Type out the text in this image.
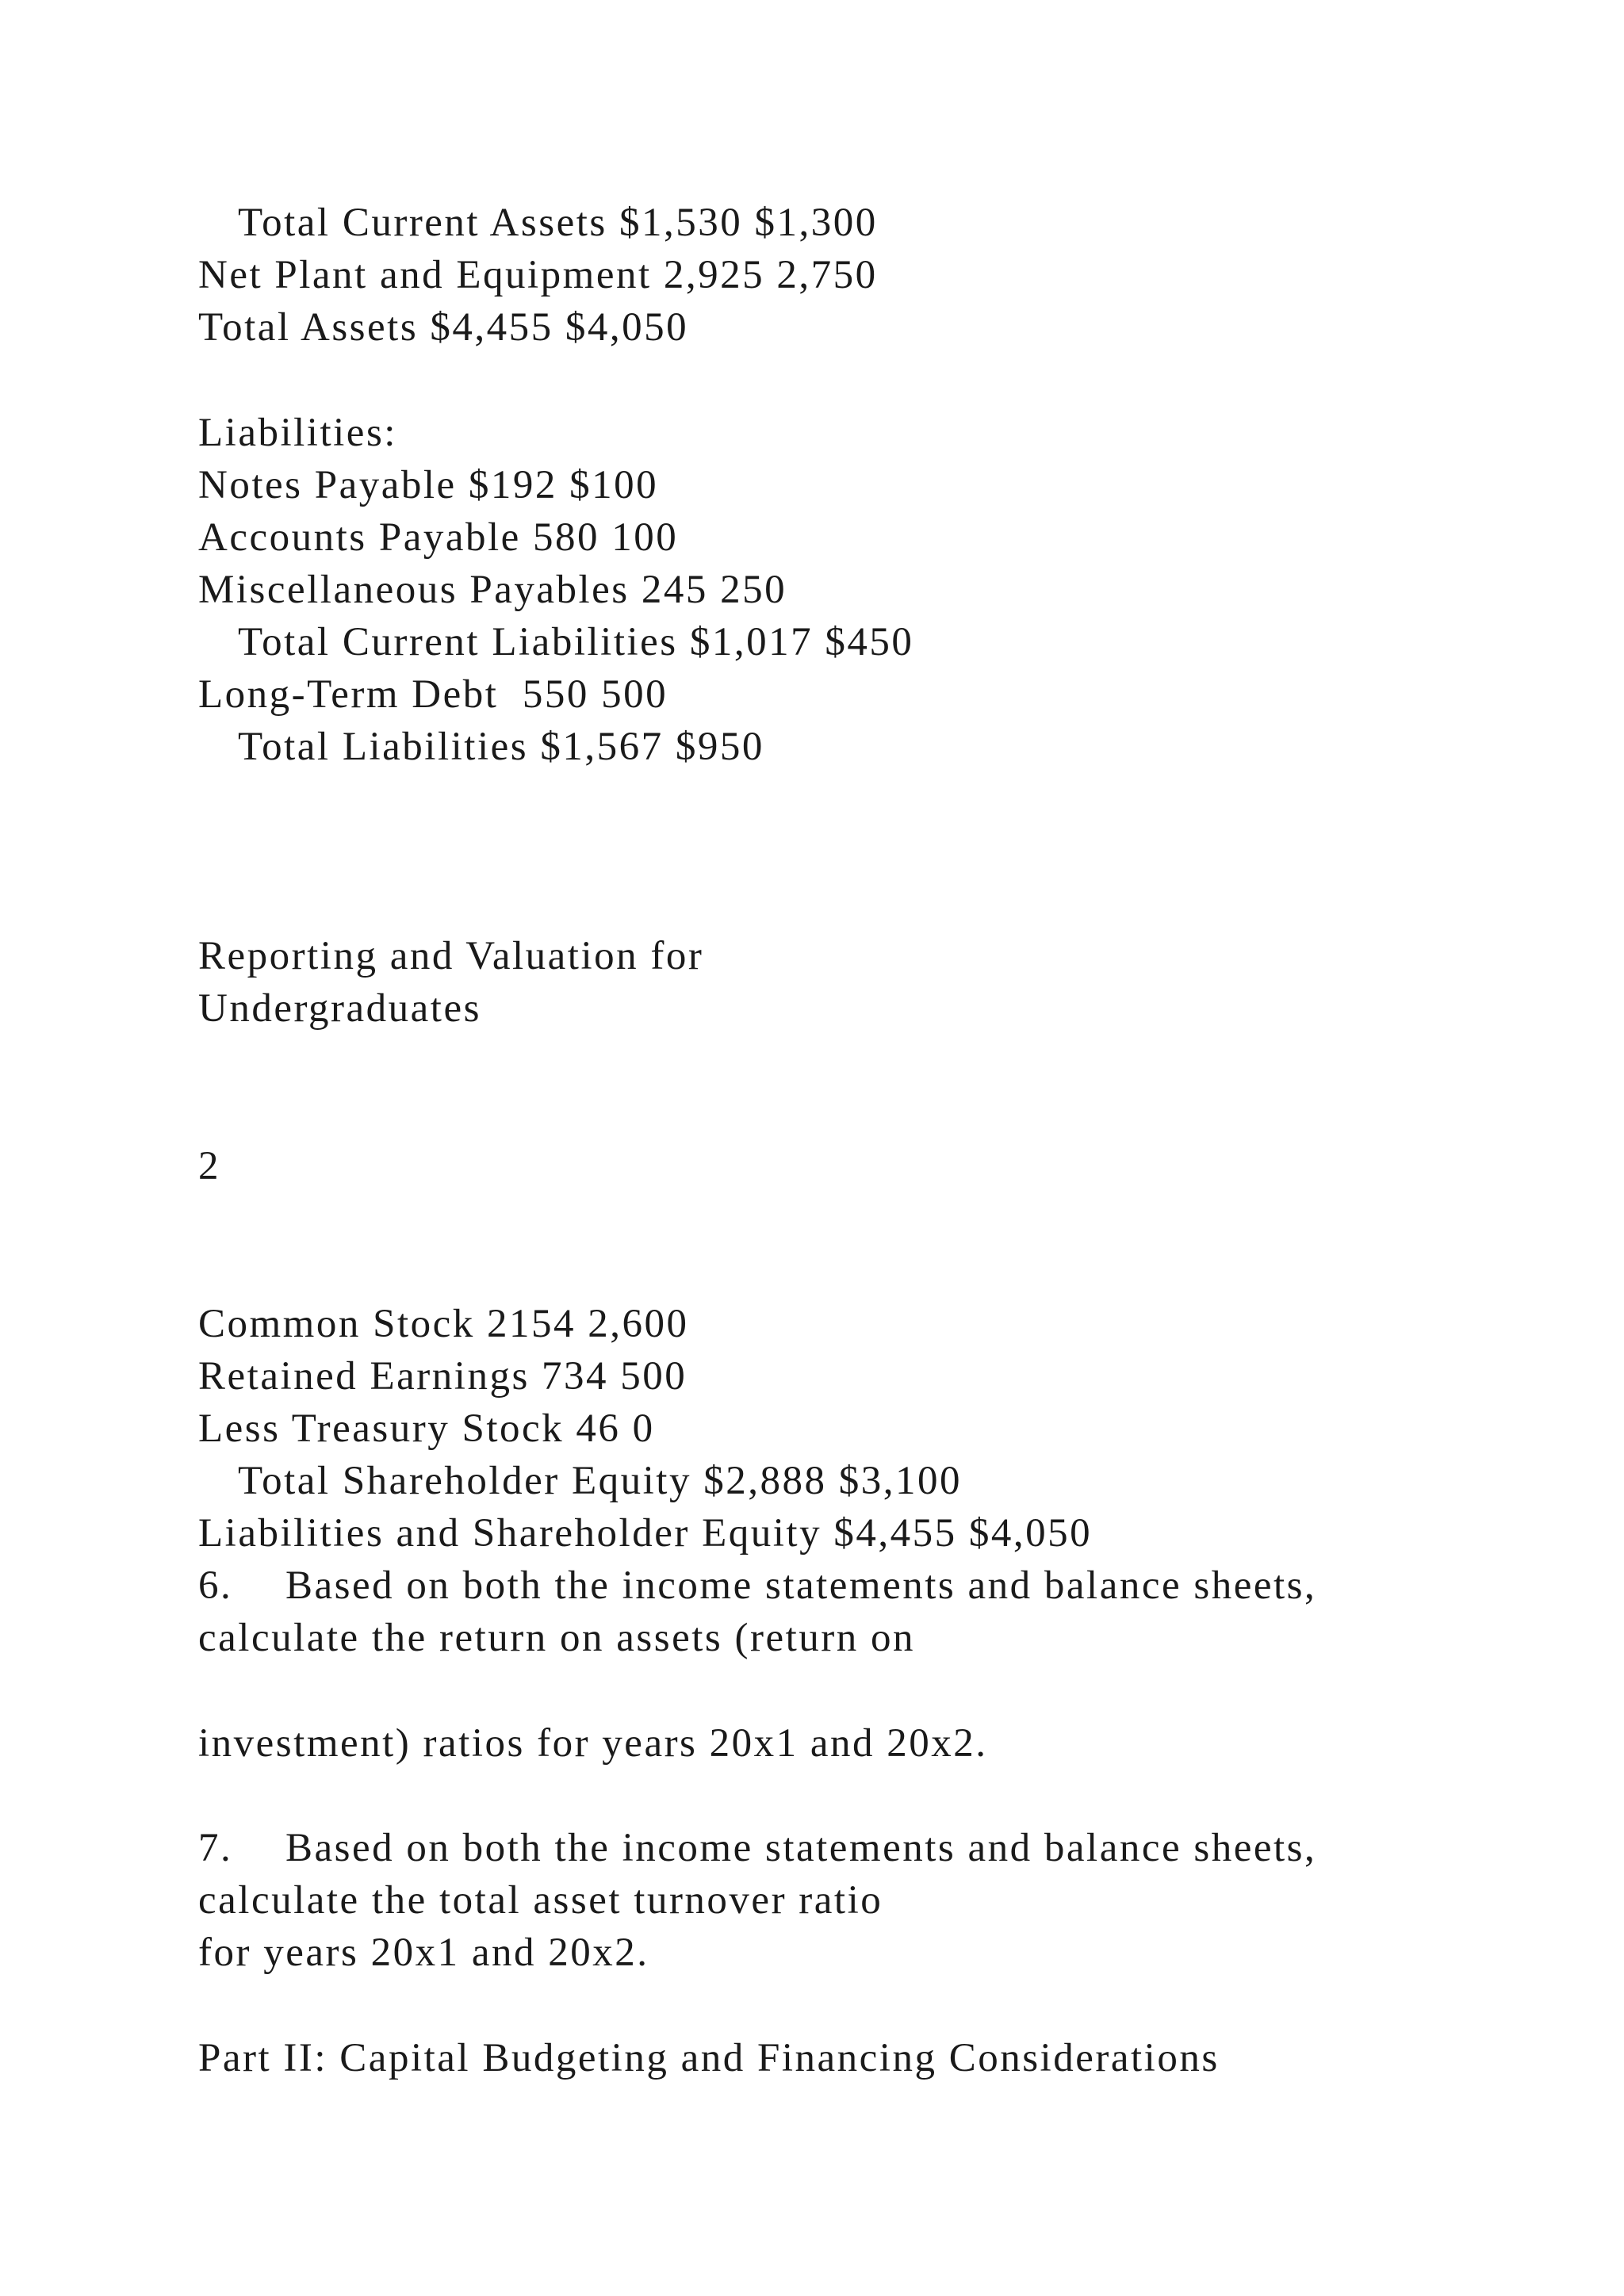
Total Current Assets $1,530 $1,300
Net Plant and Equipment 2,925 2,750
Total Assets $4,455 $4,050
Liabilities:
Notes Payable $192 $100
Accounts Payable 580 100
Miscellaneous Payables 245 250
Total Current Liabilities $1,017 $450
Long-Term Debt  550 500
Total Liabilities $1,567 $950
Reporting and Valuation for
Undergraduates
2
Common Stock 2154 2,600
Retained Earnings 734 500
Less Treasury Stock 46 0
Total Shareholder Equity $2,888 $3,100
Liabilities and Shareholder Equity $4,455 $4,050
6. Based on both the income statements and balance sheets,
calculate the return on assets (return on
investment) ratios for years 20x1 and 20x2.
7. Based on both the income statements and balance sheets,
calculate the total asset turnover ratio
for years 20x1 and 20x2.
Part II: Capital Budgeting and Financing Considerations
